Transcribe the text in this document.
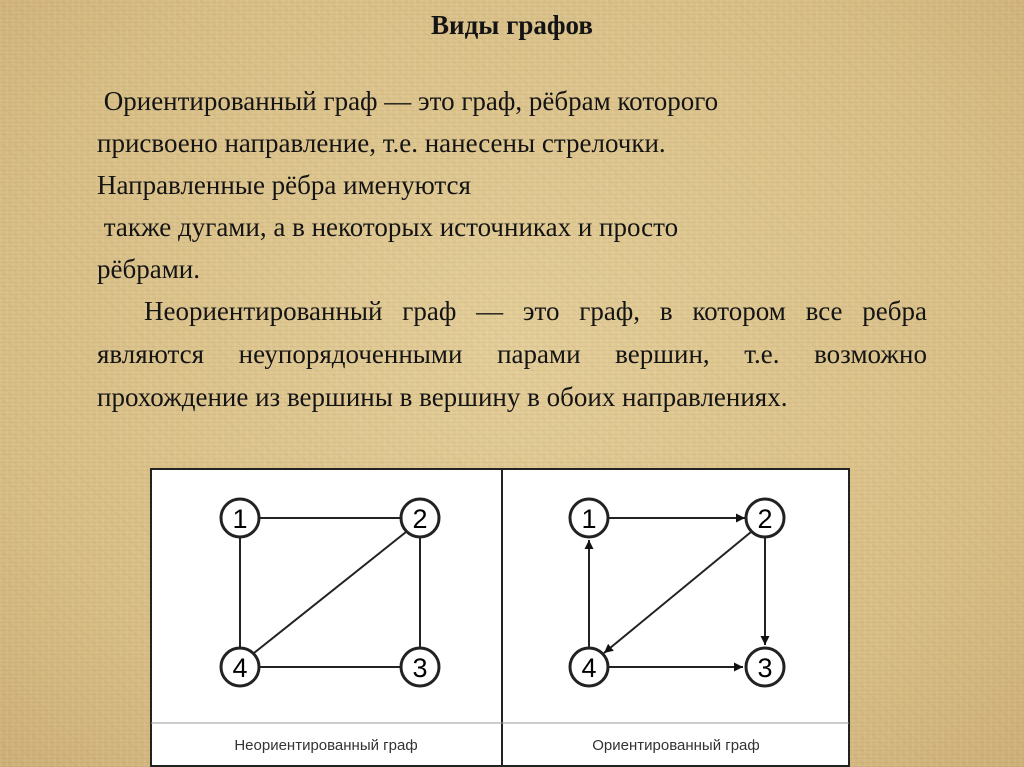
Виды графов

Ориентированный граф — это граф, рёбрам которого
присвоено направление, т.е. нанесены стрелочки.
Направленные рёбра именуются
также дугами, а в некоторых источниках и просто
рёбрами.

Неориентированный граф — это граф, в котором все ребра являются неупорядоченными парами вершин, т.е. возможно прохождение из вершины в вершину в обоих направлениях.

1	2
3
4
Неориентированный граф
1	2
3
4
Ориентированный граф
